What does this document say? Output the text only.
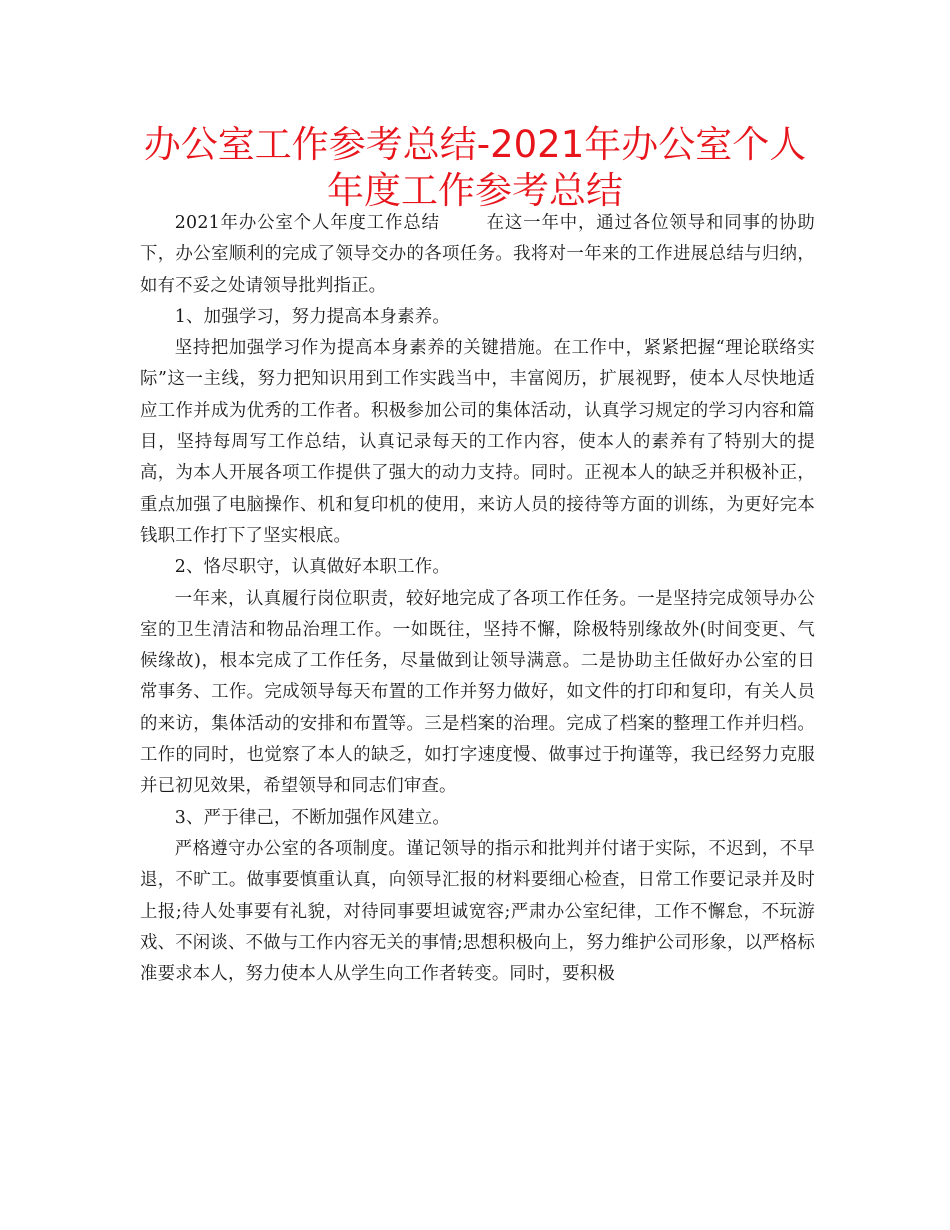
办公室工作参考总结-2021年办公室个人年度工作参考总结

2021年办公室个人年度工作总结	在这一年中，通过各位领导和同事的协助下，办公室顺利的完成了领导交办的各项任务。我将对一年来的工作进展总结与归纳，如有不妥之处请领导批判指正。

1、加强学习，努力提高本身素养。

坚持把加强学习作为提高本身素养的关键措施。在工作中，紧紧把握“理论联络实际”这一主线，努力把知识用到工作实践当中，丰富阅历，扩展视野，使本人尽快地适应工作并成为优秀的工作者。积极参加公司的集体活动，认真学习规定的学习内容和篇目，坚持每周写工作总结，认真记录每天的工作内容，使本人的素养有了特别大的提高，为本人开展各项工作提供了强大的动力支持。同时。正视本人的缺乏并积极补正，重点加强了电脑操作、机和复印机的使用，来访人员的接待等方面的训练，为更好完本钱职工作打下了坚实根底。

2、恪尽职守，认真做好本职工作。

一年来，认真履行岗位职责，较好地完成了各项工作任务。一是坚持完成领导办公室的卫生清洁和物品治理工作。一如既往，坚持不懈，除极特别缘故外(时间变更、气候缘故)，根本完成了工作任务，尽量做到让领导满意。二是协助主任做好办公室的日常事务、工作。完成领导每天布置的工作并努力做好，如文件的打印和复印，有关人员的来访，集体活动的安排和布置等。三是档案的治理。完成了档案的整理工作并归档。工作的同时，也觉察了本人的缺乏，如打字速度慢、做事过于拘谨等，我已经努力克服并已初见效果，希望领导和同志们审查。

3、严于律己，不断加强作风建立。

严格遵守办公室的各项制度。谨记领导的指示和批判并付诸于实际，不迟到，不早退，不旷工。做事要慎重认真，向领导汇报的材料要细心检查，日常工作要记录并及时上报;待人处事要有礼貌，对待同事要坦诚宽容;严肃办公室纪律，工作不懈怠，不玩游戏、不闲谈、不做与工作内容无关的事情;思想积极向上，努力维护公司形象，以严格标准要求本人，努力使本人从学生向工作者转变。同时，要积极
